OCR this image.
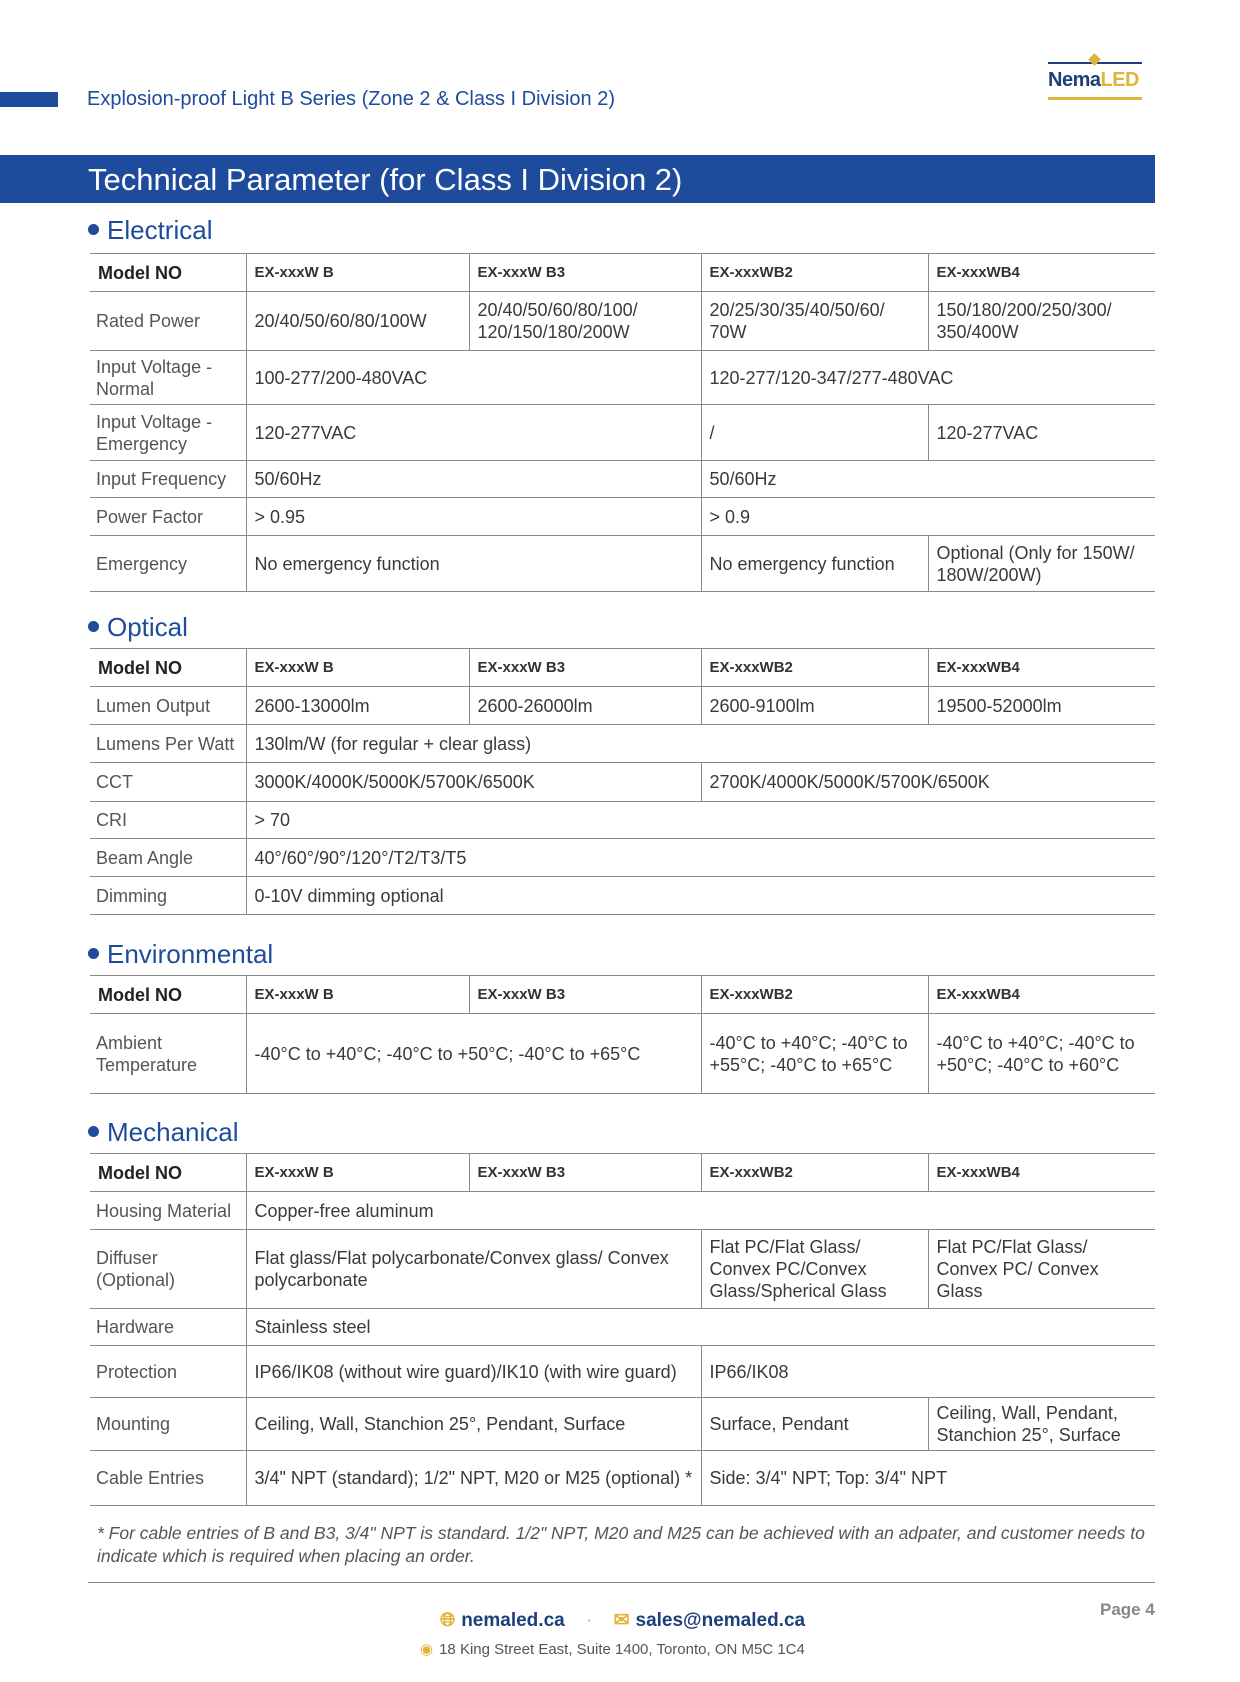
Explosion-proof Light B Series (Zone 2 & Class I Division 2)
NemaLED
Technical Parameter (for Class I Division 2)
Electrical
Model NO	EX-xxxW B	EX-xxxW B3	EX-xxxWB2	EX-xxxWB4
Rated Power	20/40/50/60/80/100W	20/40/50/60/80/100/ 120/150/180/200W	20/25/30/35/40/50/60/ 70W	150/180/200/250/300/ 350/400W
Input Voltage - Normal	100-277/200-480VAC		120-277/120-347/277-480VAC	
Input Voltage - Emergency	120-277VAC		/	120-277VAC
Input Frequency	50/60Hz		50/60Hz	
Power Factor	> 0.95		> 0.9	
Emergency	No emergency function		No emergency function	Optional (Only for 150W/ 180W/200W)
Optical
Model NO	EX-xxxW B	EX-xxxW B3	EX-xxxWB2	EX-xxxWB4
Lumen Output	2600-13000lm	2600-26000lm	2600-9100lm	19500-52000lm
Lumens Per Watt	130lm/W (for regular + clear glass)			
CCT	3000K/4000K/5000K/5700K/6500K		2700K/4000K/5000K/5700K/6500K	
CRI	> 70			
Beam Angle	40°/60°/90°/120°/T2/T3/T5			
Dimming	0-10V dimming optional			
Environmental
Model NO	EX-xxxW B	EX-xxxW B3	EX-xxxWB2	EX-xxxWB4
Ambient Temperature	-40°C to +40°C; -40°C to +50°C; -40°C to +65°C		-40°C to +40°C; -40°C to +55°C; -40°C to +65°C	-40°C to +40°C; -40°C to +50°C; -40°C to +60°C
Mechanical
Model NO	EX-xxxW B	EX-xxxW B3	EX-xxxWB2	EX-xxxWB4
Housing Material	Copper-free aluminum			
Diffuser (Optional)	Flat glass/Flat polycarbonate/Convex glass/ Convex polycarbonate		Flat PC/Flat Glass/ Convex PC/Convex Glass/Spherical Glass	Flat PC/Flat Glass/ Convex PC/ Convex Glass
Hardware	Stainless steel			
Protection	IP66/IK08 (without wire guard)/IK10 (with wire guard)		IP66/IK08	
Mounting	Ceiling, Wall, Stanchion 25°, Pendant, Surface		Surface, Pendant	Ceiling, Wall, Pendant, Stanchion 25°, Surface
Cable Entries	3/4" NPT (standard); 1/2" NPT, M20 or M25 (optional) *		Side: 3/4" NPT; Top: 3/4" NPT	
* For cable entries of B and B3, 3/4" NPT is standard. 1/2" NPT, M20 and M25 can be achieved with an adpater, and customer needs to indicate which is required when placing an order.
Page 4
🌐︎ nemaled.ca · ✉︎ sales@nemaled.ca
◉ 18 King Street East, Suite 1400, Toronto, ON M5C 1C4
